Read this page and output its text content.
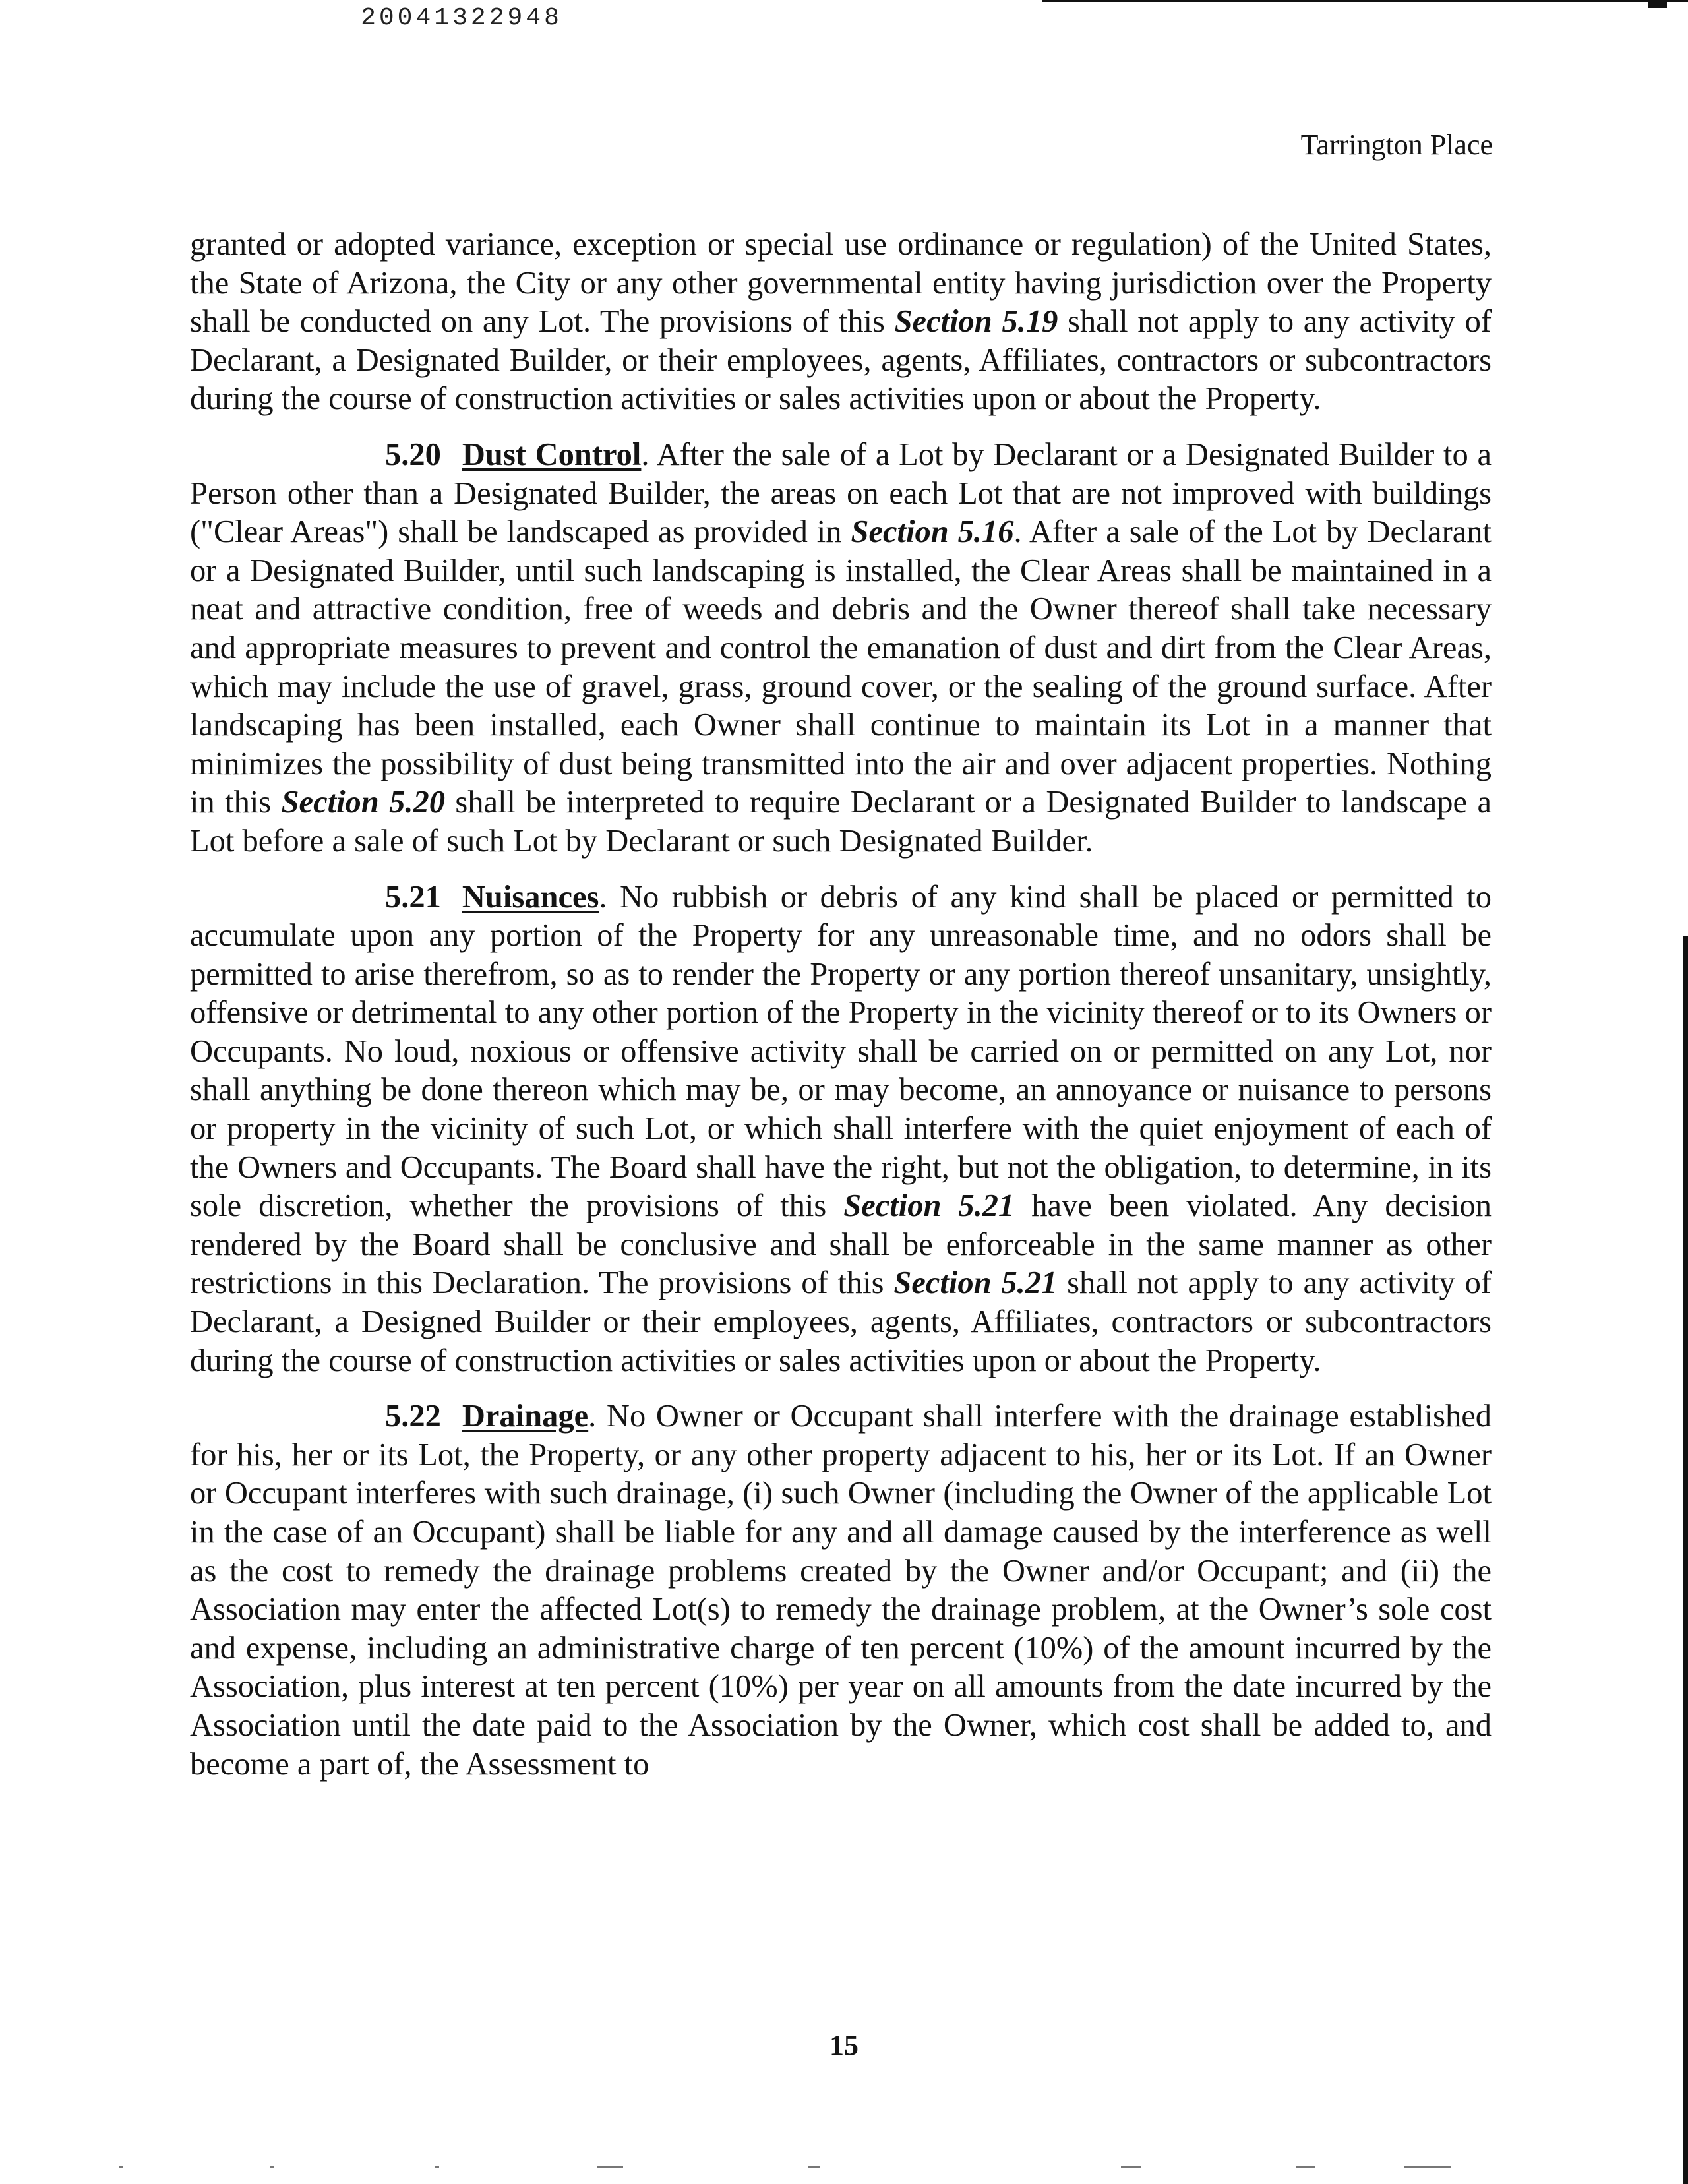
20041322948
Tarrington Place

granted or adopted variance, exception or special use ordinance or regulation) of the United States, the State of Arizona, the City or any other governmental entity having jurisdiction over the Property shall be conducted on any Lot. The provisions of this Section 5.19 shall not apply to any activity of Declarant, a Designated Builder, or their employees, agents, Affiliates, contractors or subcontractors during the course of construction activities or sales activities upon or about the Property.

5.20 Dust Control. After the sale of a Lot by Declarant or a Designated Builder to a Person other than a Designated Builder, the areas on each Lot that are not improved with buildings ("Clear Areas") shall be landscaped as provided in Section 5.16. After a sale of the Lot by Declarant or a Designated Builder, until such landscaping is installed, the Clear Areas shall be maintained in a neat and attractive condition, free of weeds and debris and the Owner thereof shall take necessary and appropriate measures to prevent and control the emanation of dust and dirt from the Clear Areas, which may include the use of gravel, grass, ground cover, or the sealing of the ground surface. After landscaping has been installed, each Owner shall continue to maintain its Lot in a manner that minimizes the possibility of dust being transmitted into the air and over adjacent properties. Nothing in this Section 5.20 shall be interpreted to require Declarant or a Designated Builder to landscape a Lot before a sale of such Lot by Declarant or such Designated Builder.

5.21 Nuisances. No rubbish or debris of any kind shall be placed or permitted to accumulate upon any portion of the Property for any unreasonable time, and no odors shall be permitted to arise therefrom, so as to render the Property or any portion thereof unsanitary, unsightly, offensive or detrimental to any other portion of the Property in the vicinity thereof or to its Owners or Occupants. No loud, noxious or offensive activity shall be carried on or permitted on any Lot, nor shall anything be done thereon which may be, or may become, an annoyance or nuisance to persons or property in the vicinity of such Lot, or which shall interfere with the quiet enjoyment of each of the Owners and Occupants. The Board shall have the right, but not the obligation, to determine, in its sole discretion, whether the provisions of this Section 5.21 have been violated. Any decision rendered by the Board shall be conclusive and shall be enforceable in the same manner as other restrictions in this Declaration. The provisions of this Section 5.21 shall not apply to any activity of Declarant, a Designed Builder or their employees, agents, Affiliates, contractors or subcontractors during the course of construction activities or sales activities upon or about the Property.

5.22 Drainage. No Owner or Occupant shall interfere with the drainage established for his, her or its Lot, the Property, or any other property adjacent to his, her or its Lot. If an Owner or Occupant interferes with such drainage, (i) such Owner (including the Owner of the applicable Lot in the case of an Occupant) shall be liable for any and all damage caused by the interference as well as the cost to remedy the drainage problems created by the Owner and/or Occupant; and (ii) the Association may enter the affected Lot(s) to remedy the drainage problem, at the Owner’s sole cost and expense, including an administrative charge of ten percent (10%) of the amount incurred by the Association, plus interest at ten percent (10%) per year on all amounts from the date incurred by the Association until the date paid to the Association by the Owner, which cost shall be added to, and become a part of, the Assessment to

15
